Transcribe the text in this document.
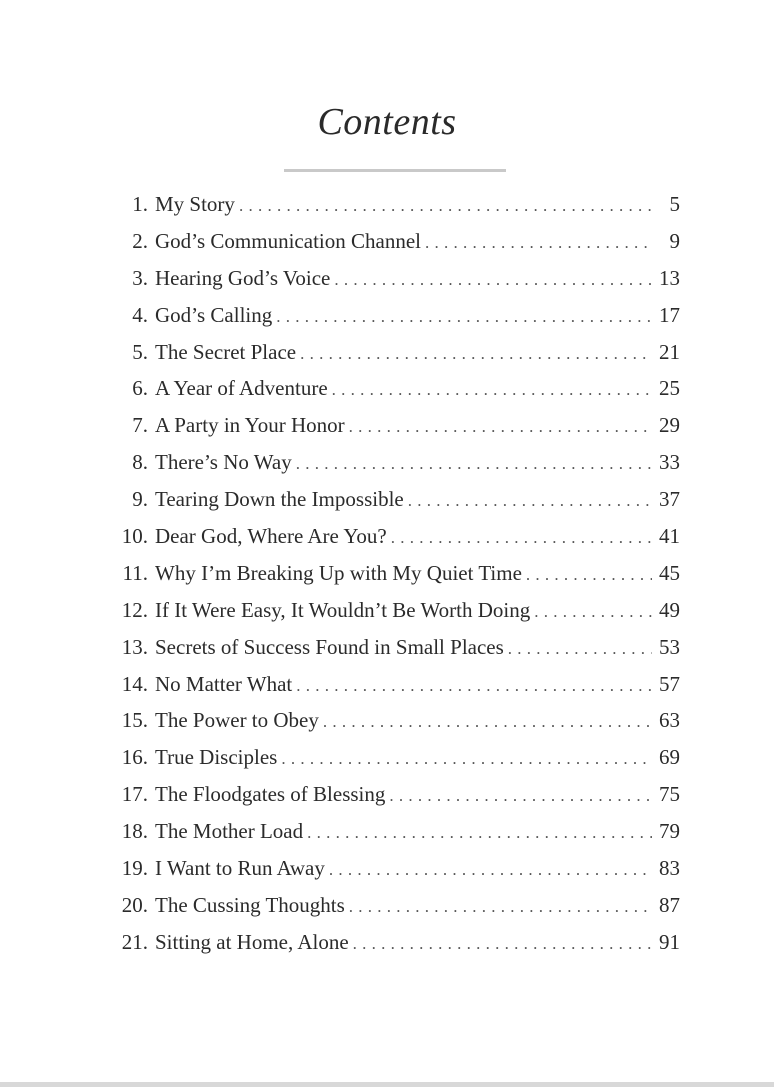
Contents
1. My Story . . .	5
2. God’s Communication Channel . . .	9
3. Hearing God’s Voice . . .	13
4. God’s Calling . . .	17
5. The Secret Place . . .	21
6. A Year of Adventure . . .	25
7. A Party in Your Honor . . .	29
8. There’s No Way . . .	33
9. Tearing Down the Impossible . . .	37
10. Dear God, Where Are You? . . .	41
11. Why I’m Breaking Up with My Quiet Time . . .	45
12. If It Were Easy, It Wouldn’t Be Worth Doing . . .	49
13. Secrets of Success Found in Small Places . . .	53
14. No Matter What . . .	57
15. The Power to Obey . . .	63
16. True Disciples . . .	69
17. The Floodgates of Blessing . . .	75
18. The Mother Load . . .	79
19. I Want to Run Away . . .	83
20. The Cussing Thoughts . . .	87
21. Sitting at Home, Alone . . .	91
